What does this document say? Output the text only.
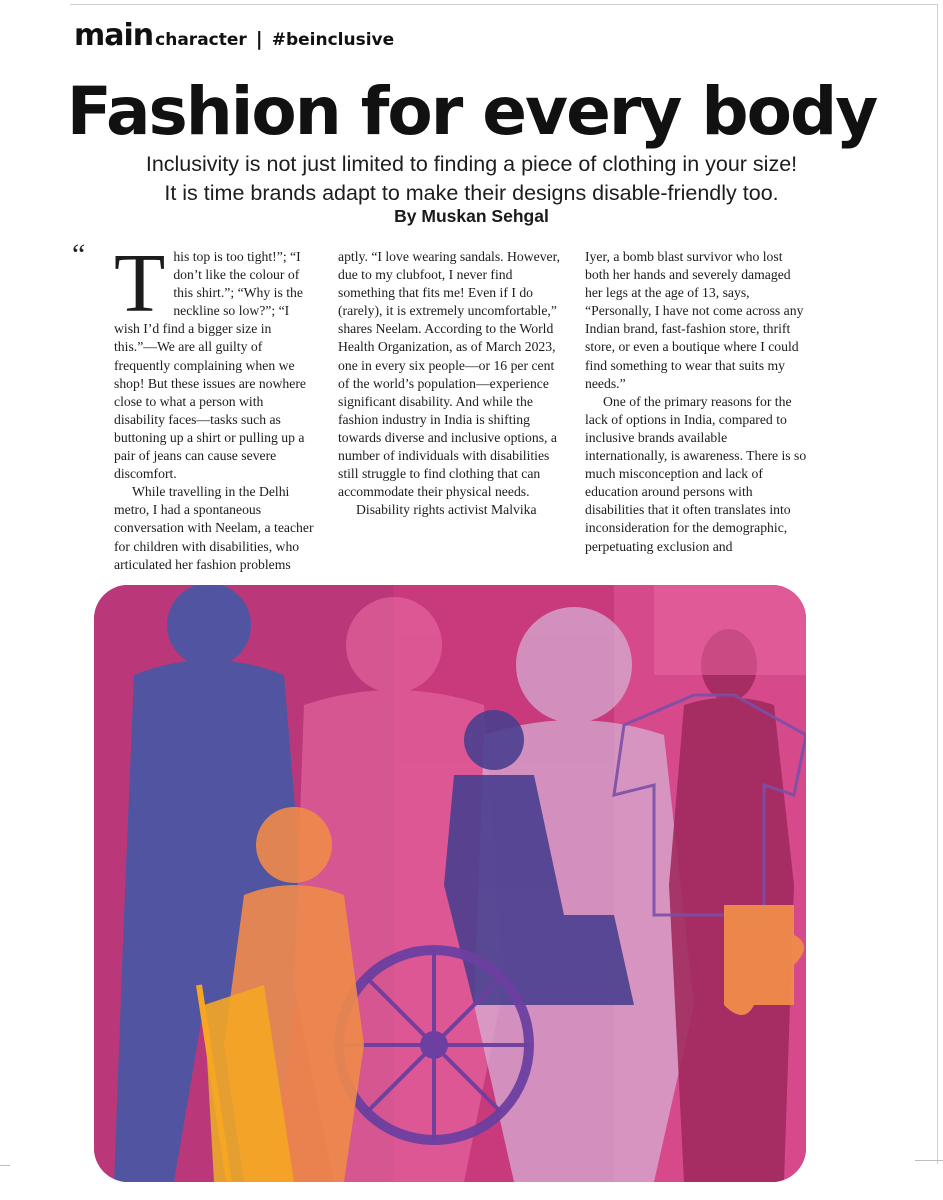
main character | #beinclusive
Fashion for every body
Inclusivity is not just limited to finding a piece of clothing in your size!
It is time brands adapt to make their designs disable-friendly too.
By Muskan Sehgal
“ This top is too tight!”; “I don’t like the colour of this shirt.”; “Why is the neckline so low?”; “I wish I’d find a bigger size in this.”—We are all guilty of frequently complaining when we shop! But these issues are nowhere close to what a person with disability faces—tasks such as buttoning up a shirt or pulling up a pair of jeans can cause severe discomfort.

While travelling in the Delhi metro, I had a spontaneous conversation with Neelam, a teacher for children with disabilities, who articulated her fashion problems

aptly. “I love wearing sandals. However, due to my clubfoot, I never find something that fits me! Even if I do (rarely), it is extremely uncomfortable,” shares Neelam. According to the World Health Organization, as of March 2023, one in every six people—or 16 per cent of the world’s population—experience significant disability. And while the fashion industry in India is shifting towards diverse and inclusive options, a number of individuals with disabilities still struggle to find clothing that can accommodate their physical needs.

Disability rights activist Malvika

Iyer, a bomb blast survivor who lost both her hands and severely damaged her legs at the age of 13, says, “Personally, I have not come across any Indian brand, fast-fashion store, thrift store, or even a boutique where I could find something to wear that suits my needs.”

One of the primary reasons for the lack of options in India, compared to inclusive brands available internationally, is awareness. There is so much misconception and lack of education around persons with disabilities that it often translates into inconsideration for the demographic, perpetuating exclusion and
